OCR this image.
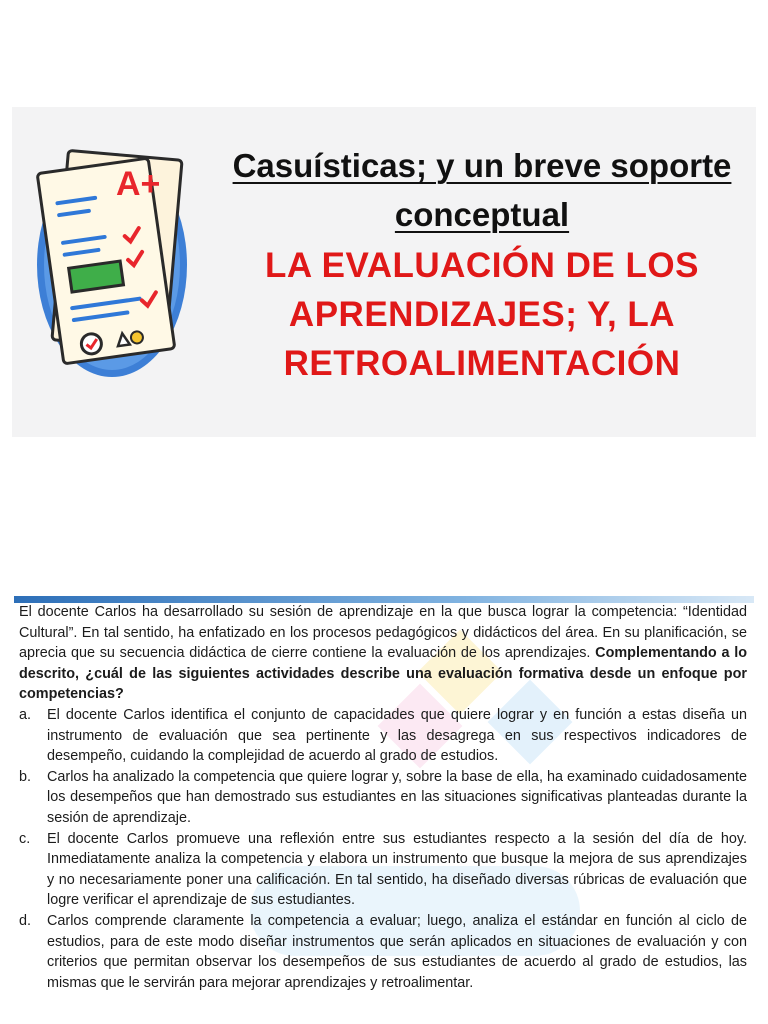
A+	Casuísticas; y un breve soporte
conceptual
LA EVALUACIÓN DE LOS
APRENDIZAJES; Y, LA
RETROALIMENTACIÓN

El docente Carlos ha desarrollado su sesión de aprendizaje en la que busca lograr la competencia: “Identidad Cultural”. En tal sentido, ha enfatizado en los procesos pedagógicos y didácticos del área. En su planificación, se aprecia que su secuencia didáctica de cierre contiene la evaluación de los aprendizajes. Complementando a lo descrito, ¿cuál de las siguientes actividades describe una evaluación formativa desde un enfoque por competencias?

a. El docente Carlos identifica el conjunto de capacidades que quiere lograr y en función a estas diseña un instrumento de evaluación que sea pertinente y las desagrega en sus respectivos indicadores de desempeño, cuidando la complejidad de acuerdo al grado de estudios.
b. Carlos ha analizado la competencia que quiere lograr y, sobre la base de ella, ha examinado cuidadosamente los desempeños que han demostrado sus estudiantes en las situaciones significativas planteadas durante la sesión de aprendizaje.
c. El docente Carlos promueve una reflexión entre sus estudiantes respecto a la sesión del día de hoy. Inmediatamente analiza la competencia y elabora un instrumento que busque la mejora de sus aprendizajes y no necesariamente poner una calificación. En tal sentido, ha diseñado diversas rúbricas de evaluación que logre verificar el aprendizaje de sus estudiantes.
d. Carlos comprende claramente la competencia a evaluar; luego, analiza el estándar en función al ciclo de estudios, para de este modo diseñar instrumentos que serán aplicados en situaciones de evaluación y con criterios que permitan observar los desempeños de sus estudiantes de acuerdo al grado de estudios, las mismas que le servirán para mejorar aprendizajes y retroalimentar.
